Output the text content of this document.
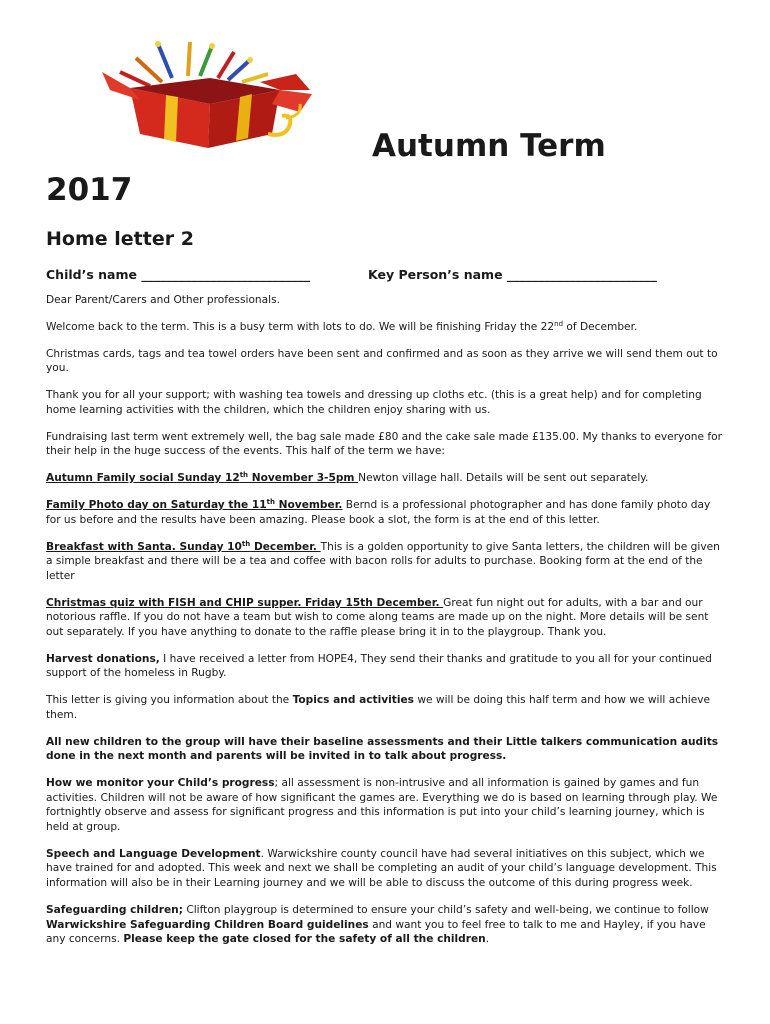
Autumn Term
2017
Home letter 2
Child’s name ___________________________	Key Person’s name ________________________

Dear Parent/Carers and Other professionals.

Welcome back to the term. This is a busy term with lots to do. We will be finishing Friday the 22nd of December.

Christmas cards, tags and tea towel orders have been sent and confirmed and as soon as they arrive we will send them out to you.

Thank you for all your support; with washing tea towels and dressing up cloths etc. (this is a great help) and for completing home learning activities with the children, which the children enjoy sharing with us.

Fundraising last term went extremely well, the bag sale made £80 and the cake sale made £135.00. My thanks to everyone for their help in the huge success of the events. This half of the term we have:

Autumn Family social Sunday 12th November 3-5pm Newton village hall. Details will be sent out separately.

Family Photo day on Saturday the 11th November. Bernd is a professional photographer and has done family photo day for us before and the results have been amazing. Please book a slot, the form is at the end of this letter.

Breakfast with Santa. Sunday 10th December. This is a golden opportunity to give Santa letters, the children will be given a simple breakfast and there will be a tea and coffee with bacon rolls for adults to purchase. Booking form at the end of the letter

Christmas quiz with FISH and CHIP supper. Friday 15th December. Great fun night out for adults, with a bar and our notorious raffle. If you do not have a team but wish to come along teams are made up on the night. More details will be sent out separately. If you have anything to donate to the raffle please bring it in to the playgroup. Thank you.

Harvest donations, I have received a letter from HOPE4, They send their thanks and gratitude to you all for your continued support of the homeless in Rugby.

This letter is giving you information about the Topics and activities we will be doing this half term and how we will achieve them.

All new children to the group will have their baseline assessments and their Little talkers communication audits done in the next month and parents will be invited in to talk about progress.

How we monitor your Child’s progress; all assessment is non-intrusive and all information is gained by games and fun activities. Children will not be aware of how significant the games are. Everything we do is based on learning through play. We fortnightly observe and assess for significant progress and this information is put into your child’s learning journey, which is held at group.

Speech and Language Development. Warwickshire county council have had several initiatives on this subject, which we have trained for and adopted. This week and next we shall be completing an audit of your child’s language development. This information will also be in their Learning journey and we will be able to discuss the outcome of this during progress week.

Safeguarding children; Clifton playgroup is determined to ensure your child’s safety and well-being, we continue to follow Warwickshire Safeguarding Children Board guidelines and want you to feel free to talk to me and Hayley, if you have any concerns. Please keep the gate closed for the safety of all the children.
